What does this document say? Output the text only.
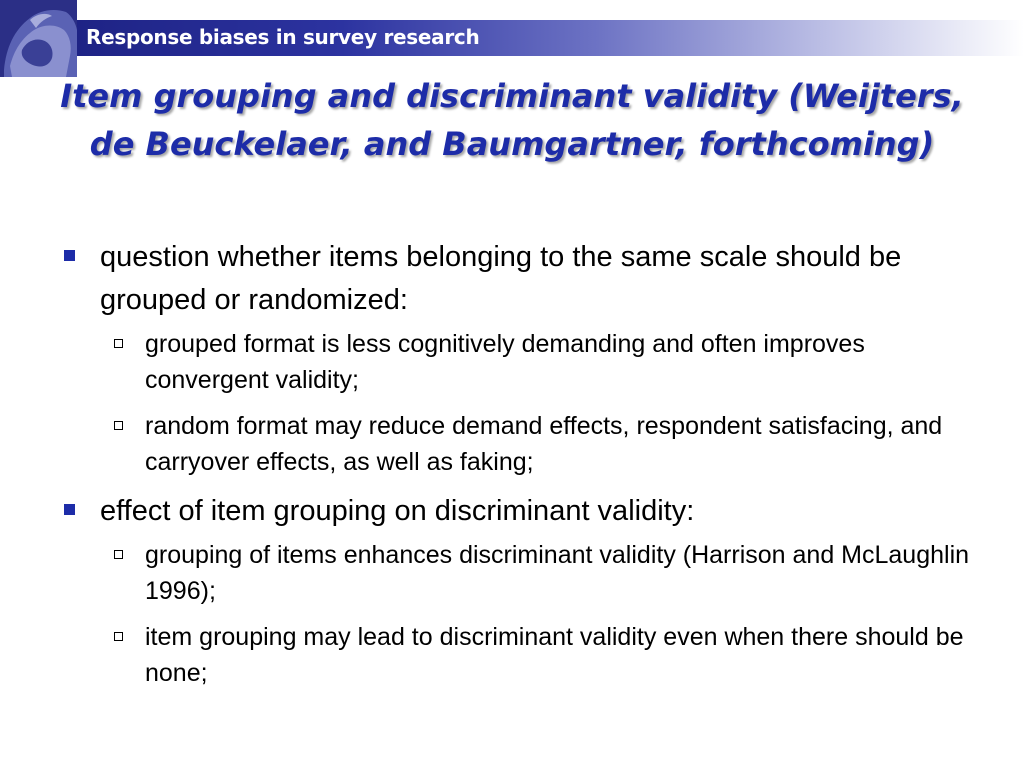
Response biases in survey research
Item grouping and discriminant validity (Weijters, de Beuckelaer, and Baumgartner, forthcoming)
question whether items belonging to the same scale should be grouped or randomized:
grouped format is less cognitively demanding and often improves convergent validity;
random format may reduce demand effects, respondent satisfacing, and carryover effects, as well as faking;
effect of item grouping on discriminant validity:
grouping of items enhances discriminant validity (Harrison and McLaughlin 1996);
item grouping may lead to discriminant validity even when there should be none;
